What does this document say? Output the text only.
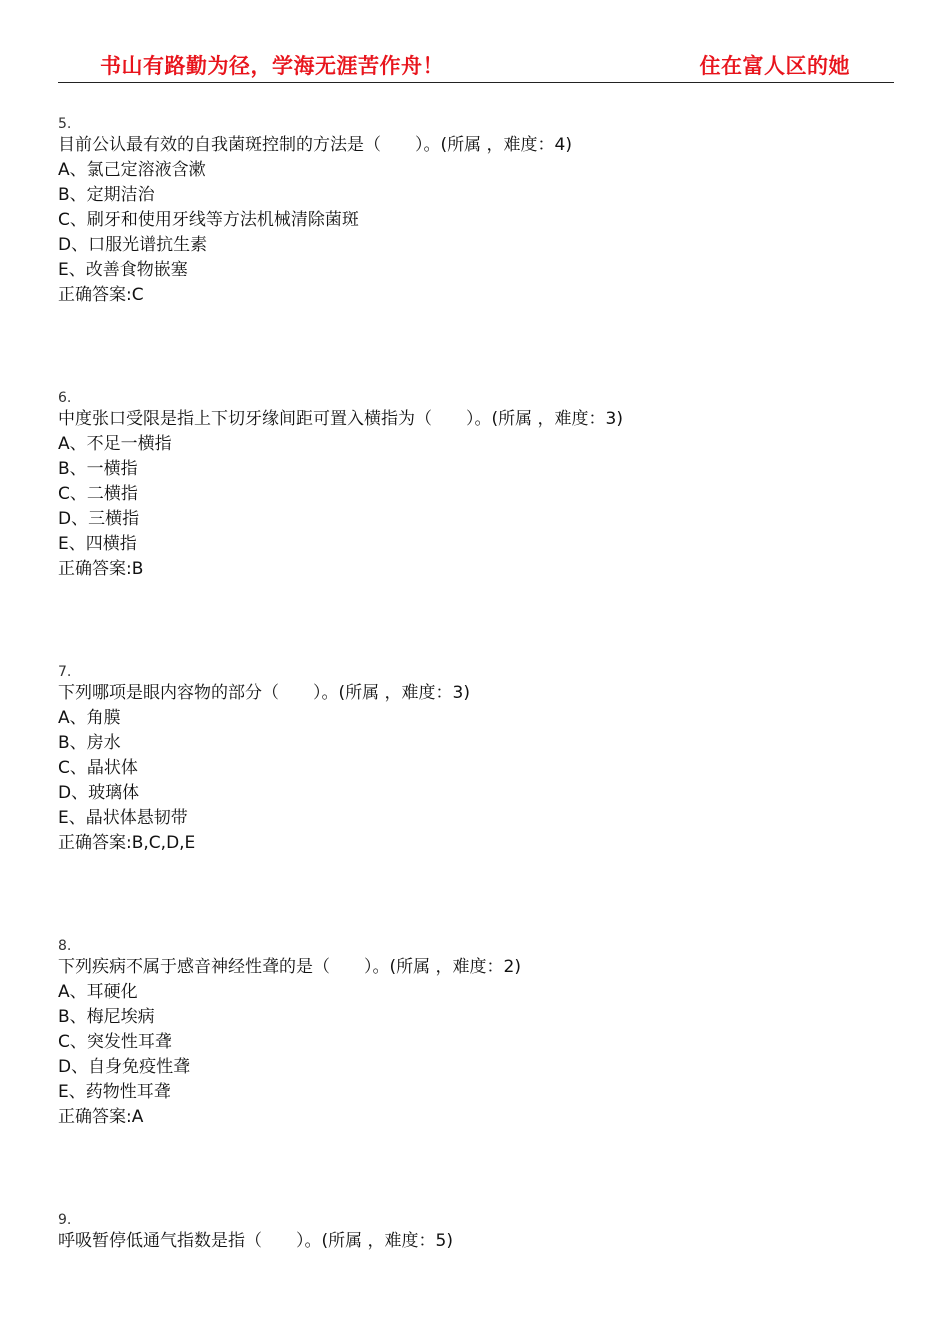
书山有路勤为径，学海无涯苦作舟！	住在富人区的她
5.
目前公认最有效的自我菌斑控制的方法是（　　）。(所属 ，难度：4)
A、氯己定溶液含漱
B、定期洁治
C、刷牙和使用牙线等方法机械清除菌斑
D、口服光谱抗生素
E、改善食物嵌塞
正确答案:C
6.
中度张口受限是指上下切牙缘间距可置入横指为（　　）。(所属 ，难度：3)
A、不足一横指
B、一横指
C、二横指
D、三横指
E、四横指
正确答案:B
7.
下列哪项是眼内容物的部分（　　）。(所属 ，难度：3)
A、角膜
B、房水
C、晶状体
D、玻璃体
E、晶状体悬韧带
正确答案:B,C,D,E
8.
下列疾病不属于感音神经性聋的是（　　）。(所属 ，难度：2)
A、耳硬化
B、梅尼埃病
C、突发性耳聋
D、自身免疫性聋
E、药物性耳聋
正确答案:A
9.
呼吸暂停低通气指数是指（　　）。(所属 ，难度：5)
